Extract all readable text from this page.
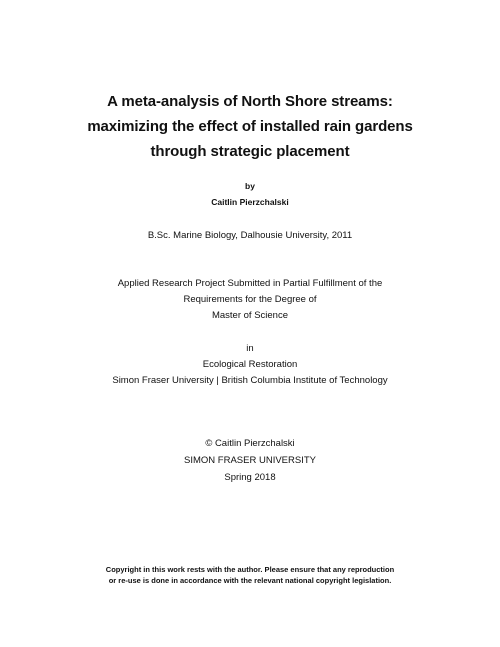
A meta-analysis of North Shore streams:
maximizing the effect of installed rain gardens
through strategic placement
by
Caitlin Pierzchalski
B.Sc. Marine Biology, Dalhousie University, 2011
Applied Research Project Submitted in Partial Fulfillment of the
Requirements for the Degree of
Master of Science
in
Ecological Restoration
Simon Fraser University | British Columbia Institute of Technology
© Caitlin Pierzchalski
SIMON FRASER UNIVERSITY
Spring 2018
Copyright in this work rests with the author. Please ensure that any reproduction
or re-use is done in accordance with the relevant national copyright legislation.
